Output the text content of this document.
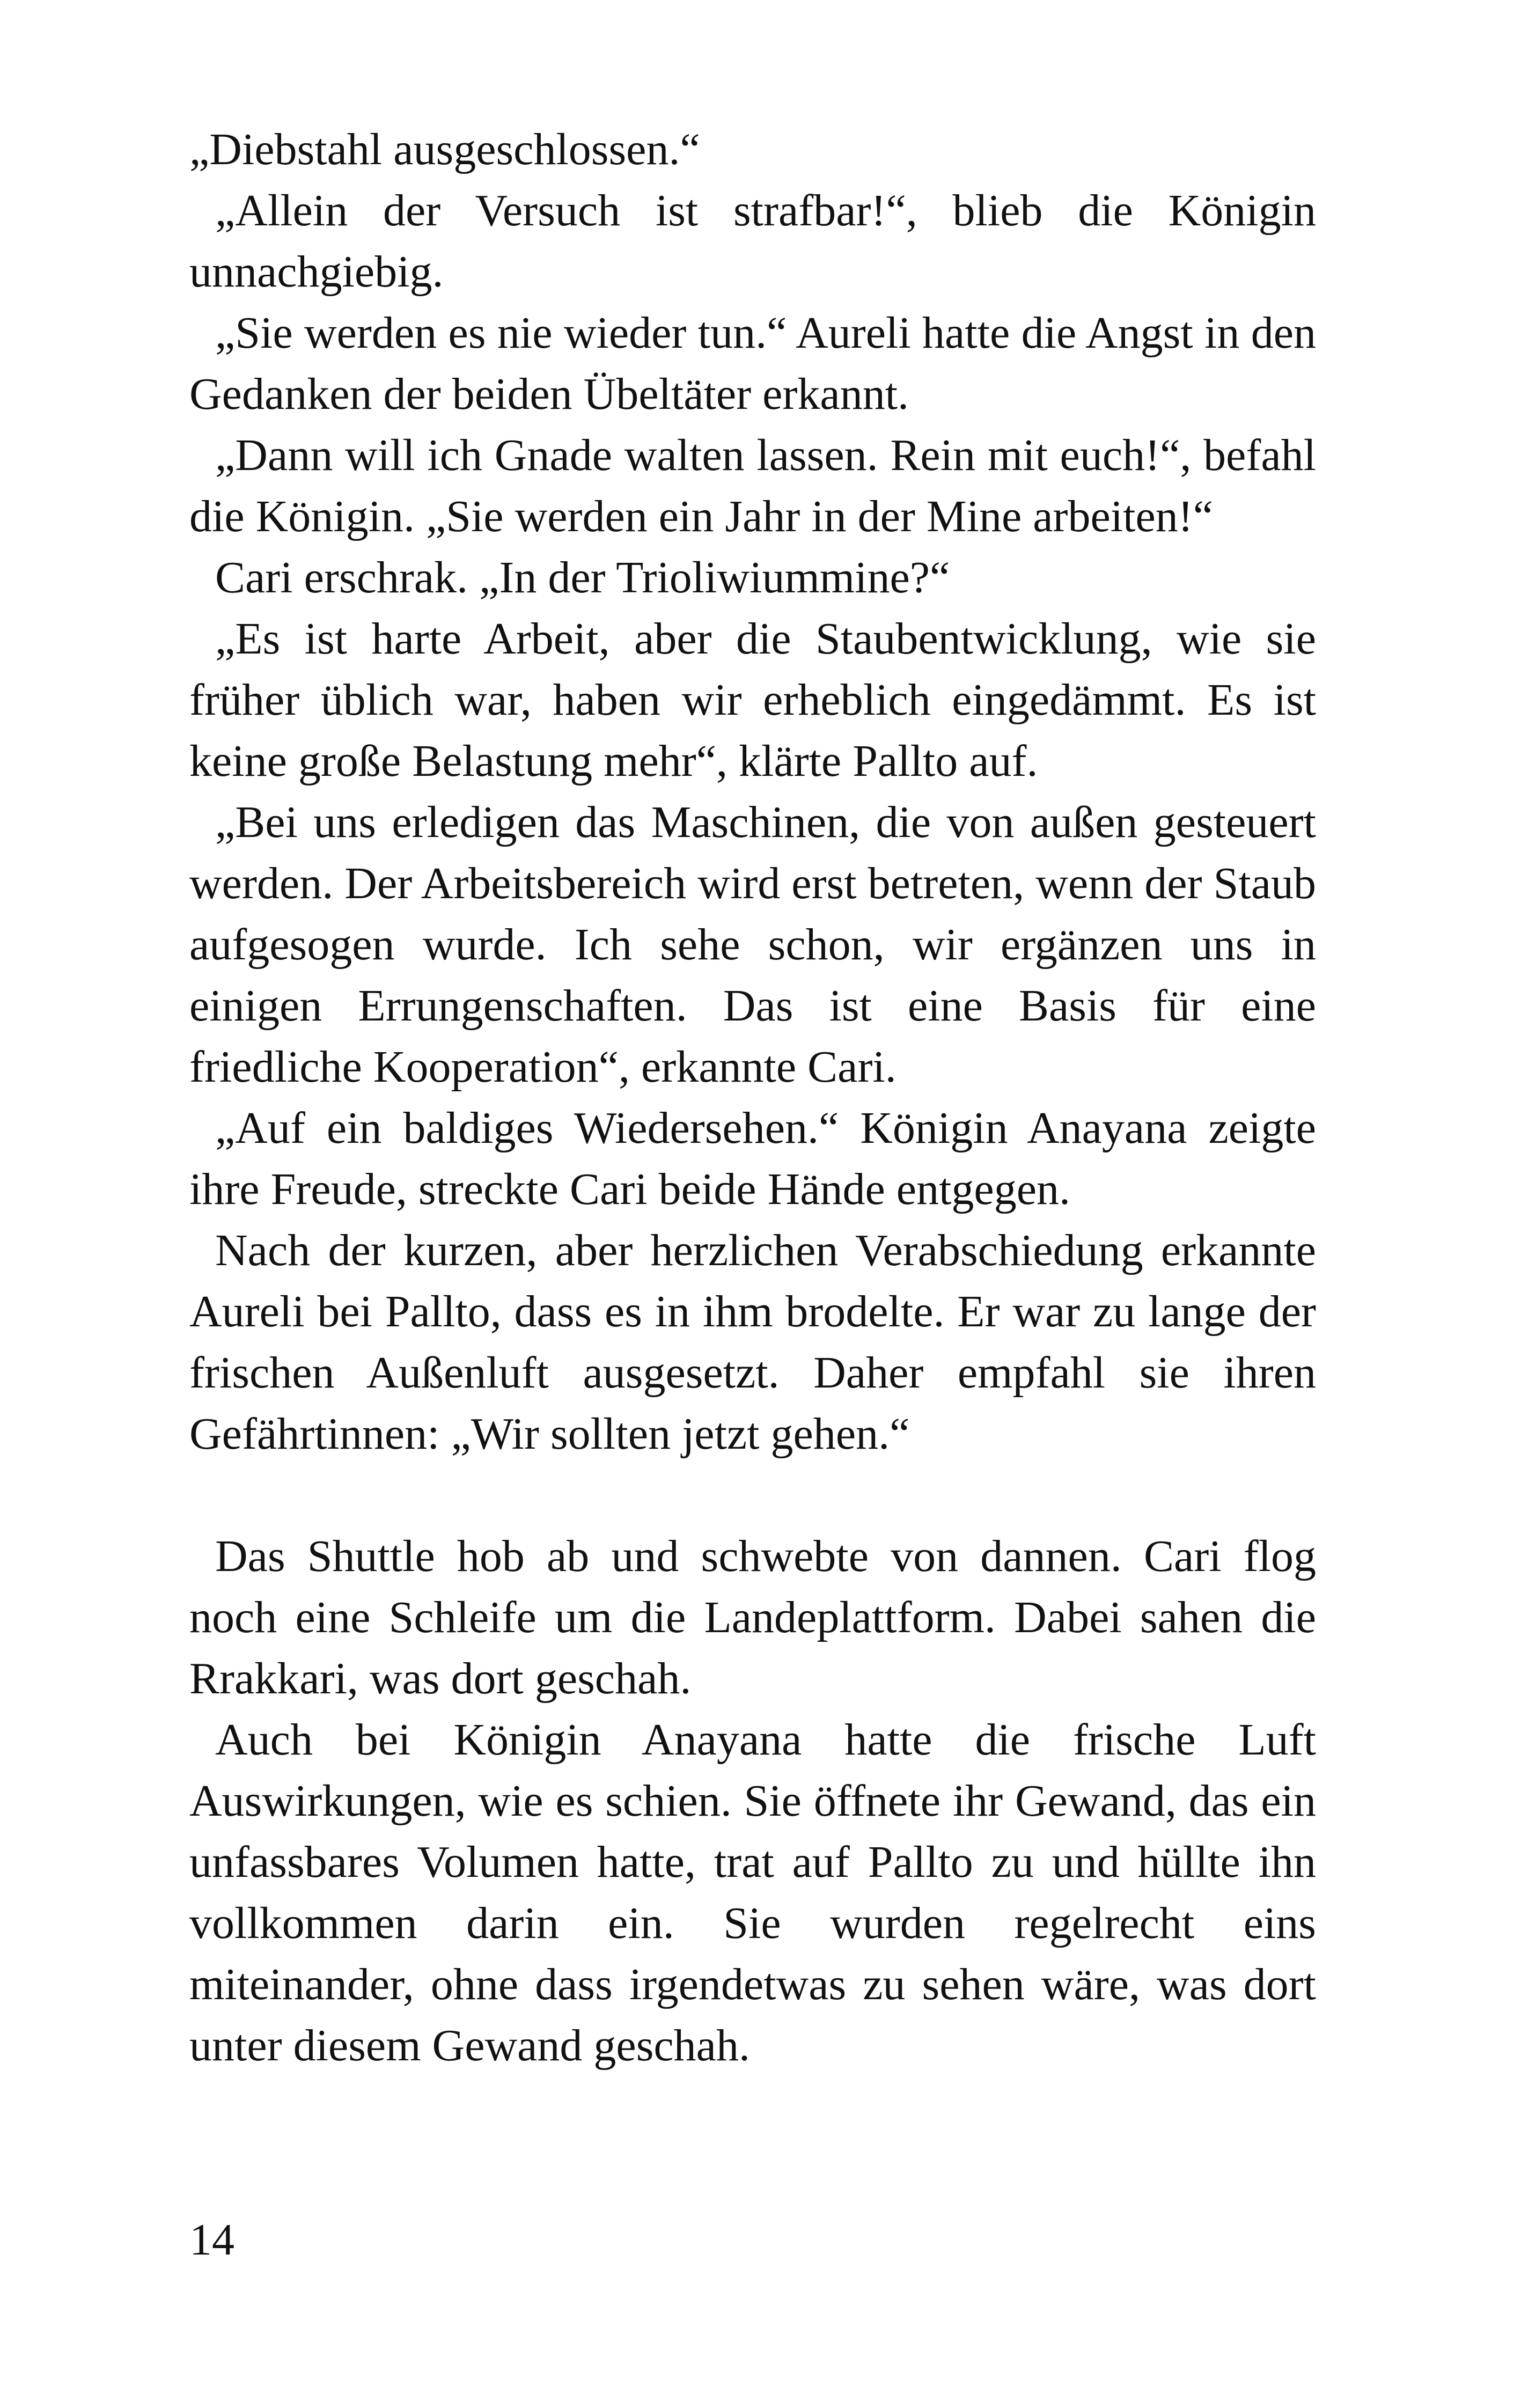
„Diebstahl ausgeschlossen.“

„Allein der Versuch ist strafbar!“, blieb die Königin unnachgiebig.

„Sie werden es nie wieder tun.“ Aureli hatte die Angst in den Gedanken der beiden Übeltäter erkannt.

„Dann will ich Gnade walten lassen. Rein mit euch!“, befahl die Königin. „Sie werden ein Jahr in der Mine arbeiten!“

Cari erschrak. „In der Trioliwiummine?“

„Es ist harte Arbeit, aber die Staubentwicklung, wie sie früher üblich war, haben wir erheblich eingedämmt. Es ist keine große Belastung mehr“, klärte Pallto auf.

„Bei uns erledigen das Maschinen, die von außen gesteuert werden. Der Arbeitsbereich wird erst betreten, wenn der Staub aufgesogen wurde. Ich sehe schon, wir ergänzen uns in einigen Errungenschaften. Das ist eine Basis für eine friedliche Kooperation“, erkannte Cari.

„Auf ein baldiges Wiedersehen.“ Königin Anayana zeigte ihre Freude, streckte Cari beide Hände entgegen.

Nach der kurzen, aber herzlichen Verabschiedung erkannte Aureli bei Pallto, dass es in ihm brodelte. Er war zu lange der frischen Außenluft ausgesetzt. Daher empfahl sie ihren Gefährtinnen: „Wir sollten jetzt gehen.“

Das Shuttle hob ab und schwebte von dannen. Cari flog noch eine Schleife um die Landeplattform. Dabei sahen die Rrakkari, was dort geschah.

Auch bei Königin Anayana hatte die frische Luft Auswirkungen, wie es schien. Sie öffnete ihr Gewand, das ein unfassbares Volumen hatte, trat auf Pallto zu und hüllte ihn vollkommen darin ein. Sie wurden regelrecht eins miteinander, ohne dass irgendetwas zu sehen wäre, was dort unter diesem Gewand geschah.

14
